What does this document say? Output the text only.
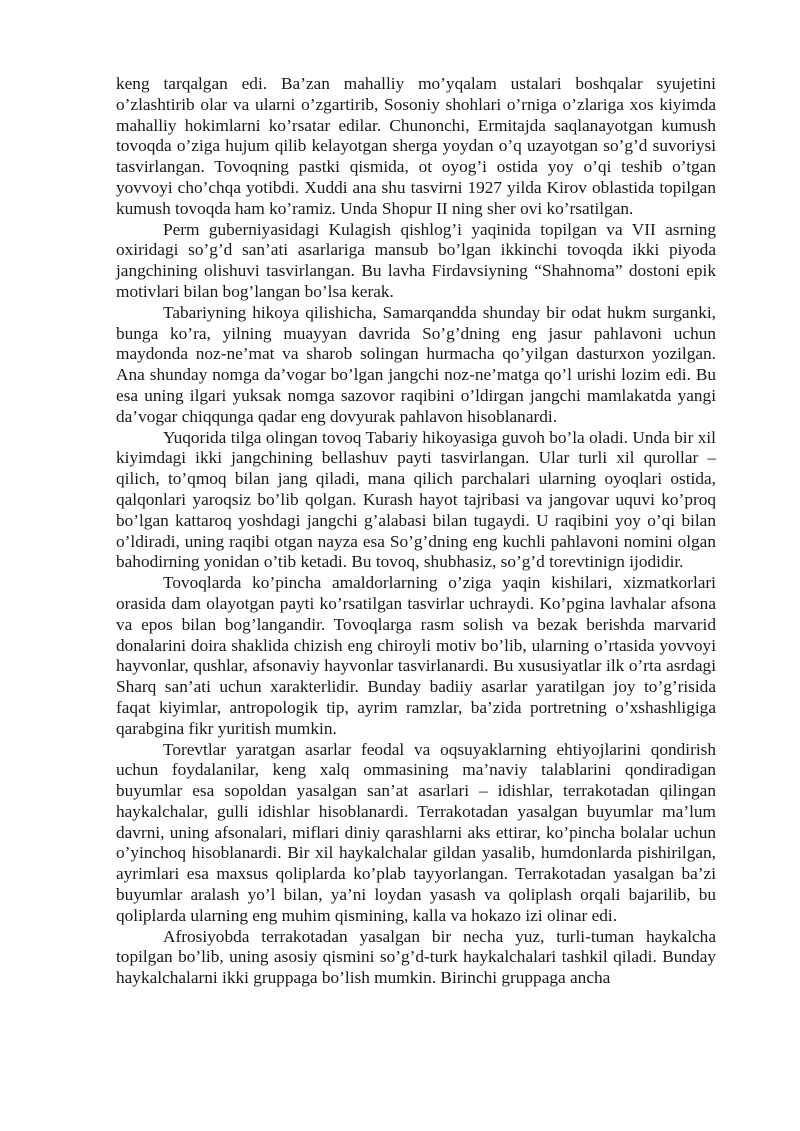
keng tarqalgan edi. Ba’zan mahalliy mo’yqalam ustalari boshqalar syujetini o’zlashtirib olar va ularni o’zgartirib, Sosoniy shohlari o’rniga o’zlariga xos kiyimda mahalliy hokimlarni ko’rsatar edilar. Chunonchi, Ermitajda saqlanayotgan kumush tovoqda o’ziga hujum qilib kelayotgan sherga yoydan o’q uzayotgan so’g’d suvoriysi tasvirlangan. Tovoqning pastki qismida, ot oyog’i ostida yoy o’qi teshib o’tgan yovvoyi cho’chqa yotibdi. Xuddi ana shu tasvirni 1927 yilda Kirov oblastida topilgan kumush tovoqda ham ko’ramiz. Unda Shopur II ning sher ovi ko’rsatilgan.

Perm guberniyasidagi Kulagish qishlog’i yaqinida topilgan va VII asrning oxiridagi so’g’d san’ati asarlariga mansub bo’lgan ikkinchi tovoqda ikki piyoda jangchining olishuvi tasvirlangan. Bu lavha Firdavsiyning “Shahnoma” dostoni epik motivlari bilan bog’langan bo’lsa kerak.

Tabariyning hikoya qilishicha, Samarqandda shunday bir odat hukm surganki, bunga ko’ra, yilning muayyan davrida So’g’dning eng jasur pahlavoni uchun maydonda noz-ne’mat va sharob solingan hurmacha qo’yilgan dasturxon yozilgan. Ana shunday nomga da’vogar bo’lgan jangchi noz-ne’matga qo’l urishi lozim edi. Bu esa uning ilgari yuksak nomga sazovor raqibini o’ldirgan jangchi mamlakatda yangi da’vogar chiqqunga qadar eng dovyurak pahlavon hisoblanardi.

Yuqorida tilga olingan tovoq Tabariy hikoyasiga guvoh bo’la oladi. Unda bir xil kiyimdagi ikki jangchining bellashuv payti tasvirlangan. Ular turli xil qurollar – qilich, to’qmoq bilan jang qiladi, mana qilich parchalari ularning oyoqlari ostida, qalqonlari yaroqsiz bo’lib qolgan. Kurash hayot tajribasi va jangovar uquvi ko’proq bo’lgan kattaroq yoshdagi jangchi g’alabasi bilan tugaydi. U raqibini yoy o’qi bilan o’ldiradi, uning raqibi otgan nayza esa So’g’dning eng kuchli pahlavoni nomini olgan bahodirning yonidan o’tib ketadi. Bu tovoq, shubhasiz, so’g’d torevtinign ijodidir.

Tovoqlarda ko’pincha amaldorlarning o’ziga yaqin kishilari, xizmatkorlari orasida dam olayotgan payti ko’rsatilgan tasvirlar uchraydi. Ko’pgina lavhalar afsona va epos bilan bog’langandir. Tovoqlarga rasm solish va bezak berishda marvarid donalarini doira shaklida chizish eng chiroyli motiv bo’lib, ularning o’rtasida yovvoyi hayvonlar, qushlar, afsonaviy hayvonlar tasvirlanardi. Bu xususiyatlar ilk o’rta asrdagi Sharq san’ati uchun xarakterlidir. Bunday badiiy asarlar yaratilgan joy to’g’risida faqat kiyimlar, antropologik tip, ayrim ramzlar, ba’zida portretning o’xshashligiga qarabgina fikr yuritish mumkin.

Torevtlar yaratgan asarlar feodal va oqsuyaklarning ehtiyojlarini qondirish uchun foydalanilar, keng xalq ommasining ma’naviy talablarini qondiradigan buyumlar esa sopoldan yasalgan san’at asarlari – idishlar, terrakotadan qilingan haykalchalar, gulli idishlar hisoblanardi. Terrakotadan yasalgan buyumlar ma’lum davrni, uning afsonalari, miflari diniy qarashlarni aks ettirar, ko’pincha bolalar uchun o’yinchoq hisoblanardi. Bir xil haykalchalar gildan yasalib, humdonlarda pishirilgan, ayrimlari esa maxsus qoliplarda ko’plab tayyorlangan. Terrakotadan yasalgan ba’zi buyumlar aralash yo’l bilan, ya’ni loydan yasash va qoliplash orqali bajarilib, bu qoliplarda ularning eng muhim qismining, kalla va hokazo izi olinar edi.

Afrosiyobda terrakotadan yasalgan bir necha yuz, turli-tuman haykalcha topilgan bo’lib, uning asosiy qismini so’g’d-turk haykalchalari tashkil qiladi. Bunday haykalchalarni ikki gruppaga bo’lish mumkin. Birinchi gruppaga ancha
